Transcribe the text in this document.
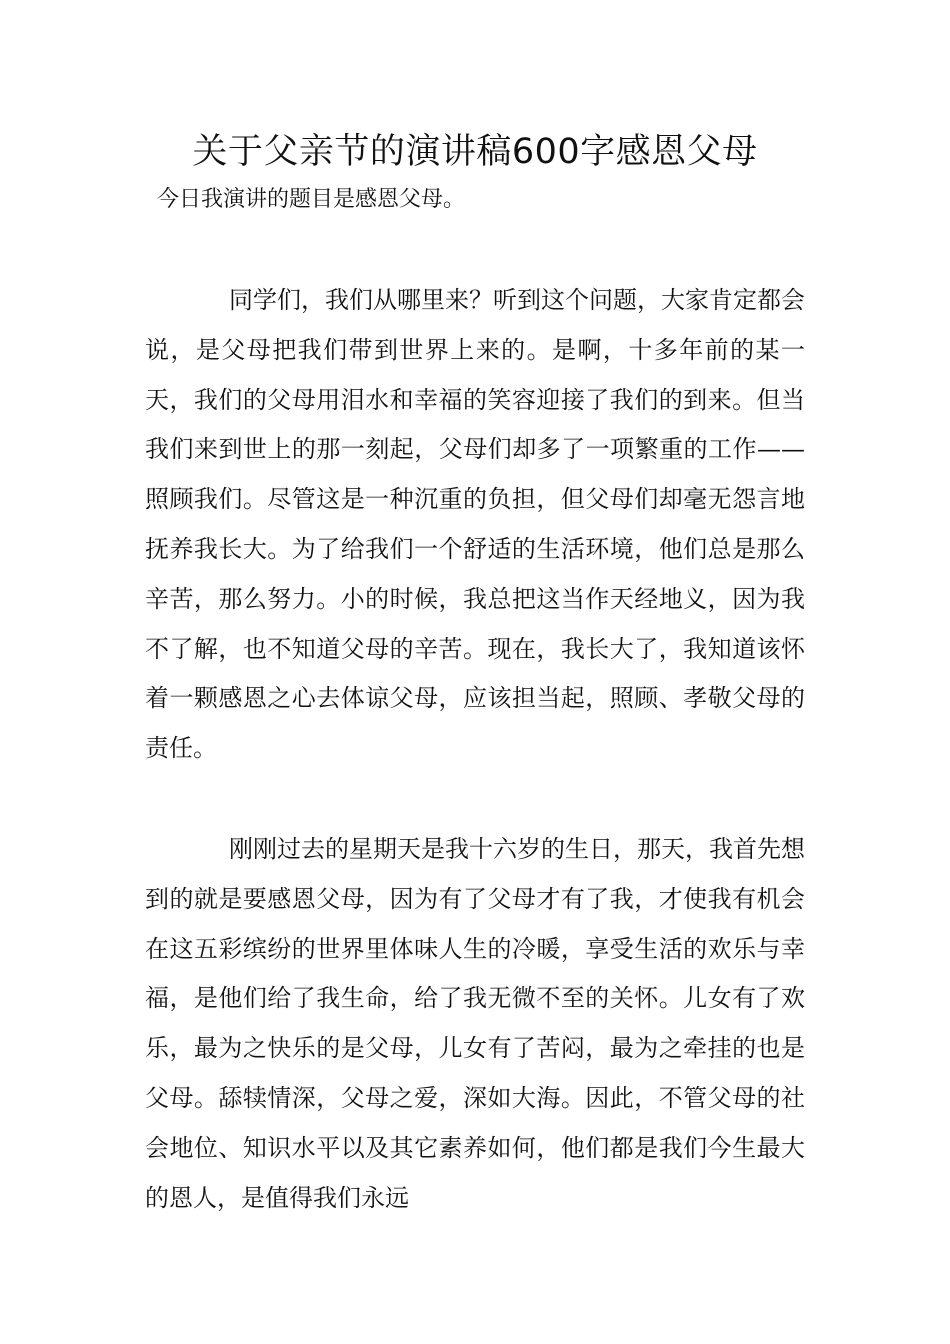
关于父亲节的演讲稿600字感恩父母
今日我演讲的题目是感恩父母。

同学们，我们从哪里来？听到这个问题，大家肯定都会说，是父母把我们带到世界上来的。是啊，十多年前的某一天，我们的父母用泪水和幸福的笑容迎接了我们的到来。但当我们来到世上的那一刻起，父母们却多了一项繁重的工作——照顾我们。尽管这是一种沉重的负担，但父母们却毫无怨言地抚养我长大。为了给我们一个舒适的生活环境，他们总是那么辛苦，那么努力。小的时候，我总把这当作天经地义，因为我不了解，也不知道父母的辛苦。现在，我长大了，我知道该怀着一颗感恩之心去体谅父母，应该担当起，照顾、孝敬父母的责任。

刚刚过去的星期天是我十六岁的生日，那天，我首先想到的就是要感恩父母，因为有了父母才有了我，才使我有机会在这五彩缤纷的世界里体味人生的冷暖，享受生活的欢乐与幸福，是他们给了我生命，给了我无微不至的关怀。儿女有了欢乐，最为之快乐的是父母，儿女有了苦闷，最为之牵挂的也是父母。舔犊情深，父母之爱，深如大海。因此，不管父母的社会地位、知识水平以及其它素养如何，他们都是我们今生最大的恩人，是值得我们永远
